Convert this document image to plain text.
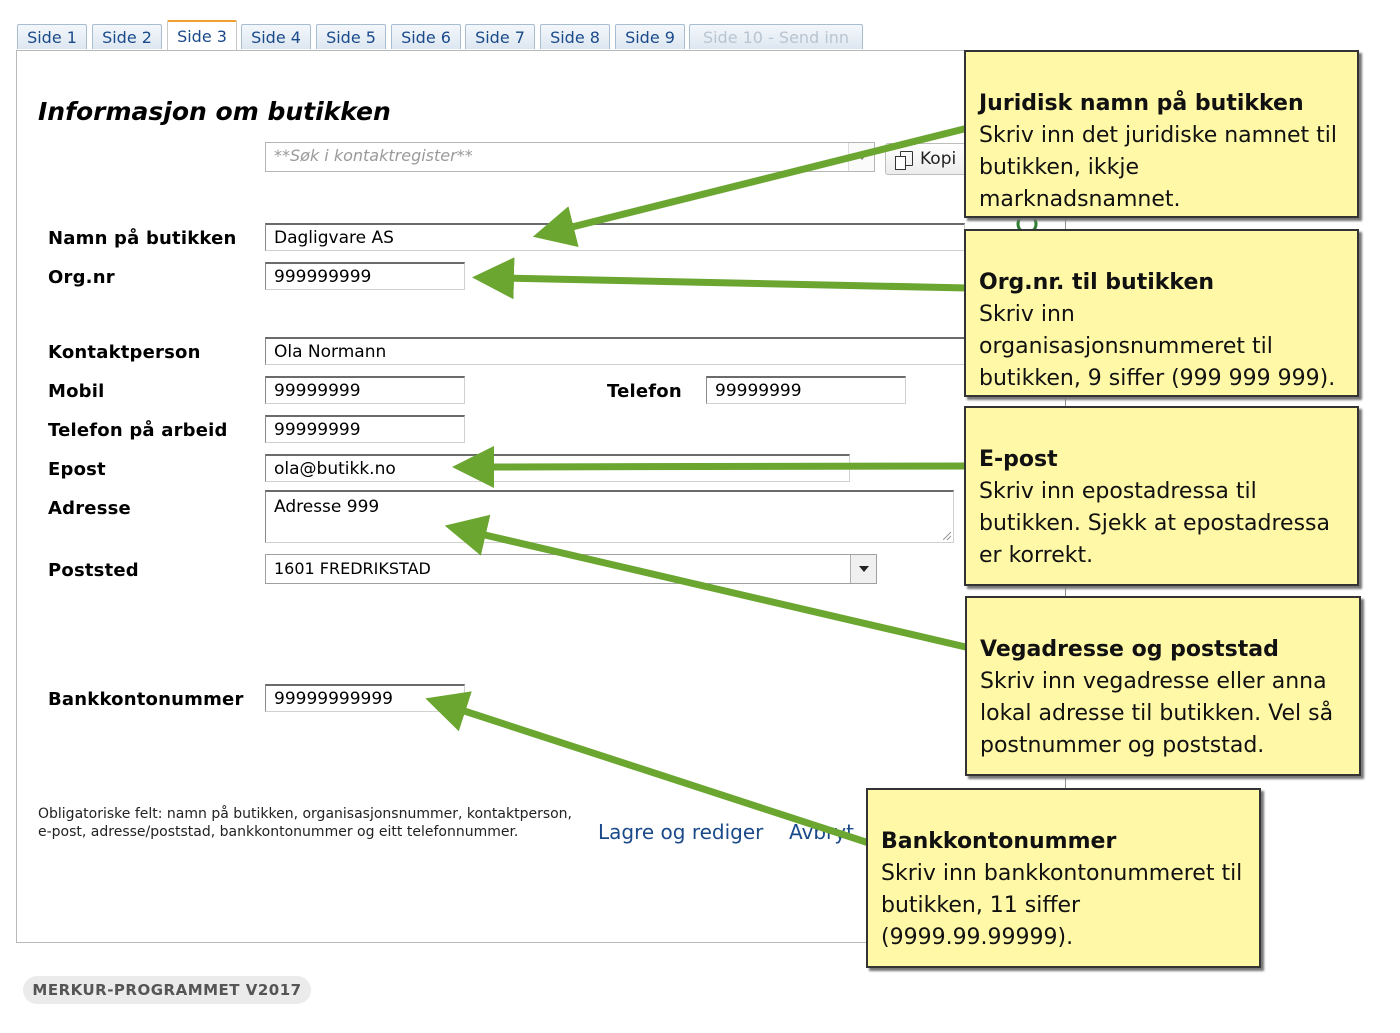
Side 1	Side 2	Side 3	Side 4	Side 5	Side 6	Side 7	Side 8	Side 9	Side 10 - Send inn
Informasjon om butikken
**Søk i kontaktregister**	Kopi
Namn på butikken	Dagligvare AS
Org.nr	999999999
Kontaktperson	Ola Normann
Mobil	99999999	Telefon	99999999
Telefon på arbeid	99999999
Epost	ola@butikk.no
Adresse	Adresse 999
Poststed	1601 FREDRIKSTAD
Bankkontonummer	99999999999
Obligatoriske felt: namn på butikken, organisasjonsnummer, kontaktperson, e-post, adresse/poststad, bankkontonummer og eitt telefonnummer.	Lagre og rediger Avbryt
MERKUR-PROGRAMMET V2017
Juridisk namn på butikken
Skriv inn det juridiske namnet til butikken, ikkje marknadsnamnet.
Org.nr. til butikken
Skriv inn organisasjonsnummeret til butikken, 9 siffer (999 999 999).
E-post
Skriv inn epostadressa til butikken. Sjekk at epostadressa er korrekt.
Vegadresse og poststad
Skriv inn vegadresse eller anna lokal adresse til butikken. Vel så postnummer og poststad.
Bankkontonummer
Skriv inn bankkontonummeret til butikken, 11 siffer (9999.99.99999).
